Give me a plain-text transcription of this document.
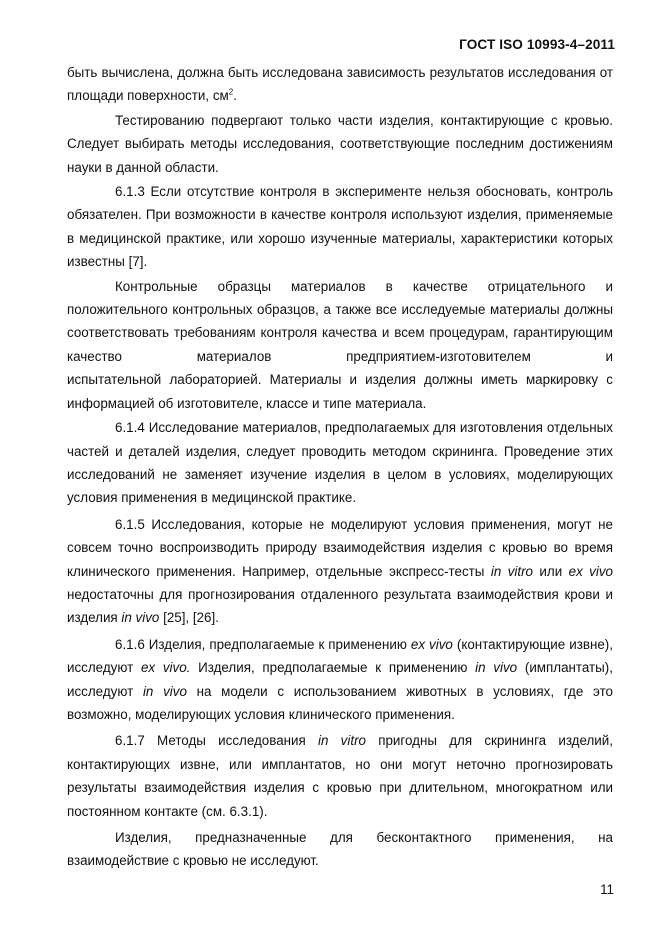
ГОСТ ISO 10993-4–2011

быть вычислена, должна быть исследована зависимость результатов исследования от площади поверхности, $см^2$.

Тестированию подвергают только части изделия, контактирующие с кровью. Следует выбирать методы исследования, соответствующие последним достижениям науки в данной области.

6.1.3 Если отсутствие контроля в эксперименте нельзя обосновать, контроль обязателен. При возможности в качестве контроля используют изделия, применяемые в медицинской практике, или хорошо изученные материалы, характеристики которых известны [7].

Контрольные образцы материалов в качестве отрицательного и положительного контрольных образцов, а также все исследуемые материалы должны соответствовать требованиям контроля качества и всем процедурам, гарантирующим качество материалов предприятием-изготовителем и

испытательной лабораторией. Материалы и изделия должны иметь маркировку с информацией об изготовителе, классе и типе материала.

6.1.4 Исследование материалов, предполагаемых для изготовления отдельных частей и деталей изделия, следует проводить методом скрининга. Проведение этих исследований не заменяет изучение изделия в целом в условиях, моделирующих условия применения в медицинской практике.

6.1.5 Исследования, которые не моделируют условия применения, могут не совсем точно воспроизводить природу взаимодействия изделия с кровью во время клинического применения. Например, отдельные экспресс-тесты in vitro или ex vivo недостаточны для прогнозирования отдаленного результата взаимодействия крови и изделия in vivo [25], [26].

6.1.6 Изделия, предполагаемые к применению ex vivo (контактирующие извне), исследуют ex vivo. Изделия, предполагаемые к применению in vivo (имплантаты), исследуют in vivo на модели с использованием животных в условиях, где это возможно, моделирующих условия клинического применения.

6.1.7 Методы исследования in vitro пригодны для скрининга изделий, контактирующих извне, или имплантатов, но они могут неточно прогнозировать результаты взаимодействия изделия с кровью при длительном, многократном или постоянном контакте (см. 6.3.1).

Изделия, предназначенные для бесконтактного применения, на взаимодействие с кровью не исследуют.

11
